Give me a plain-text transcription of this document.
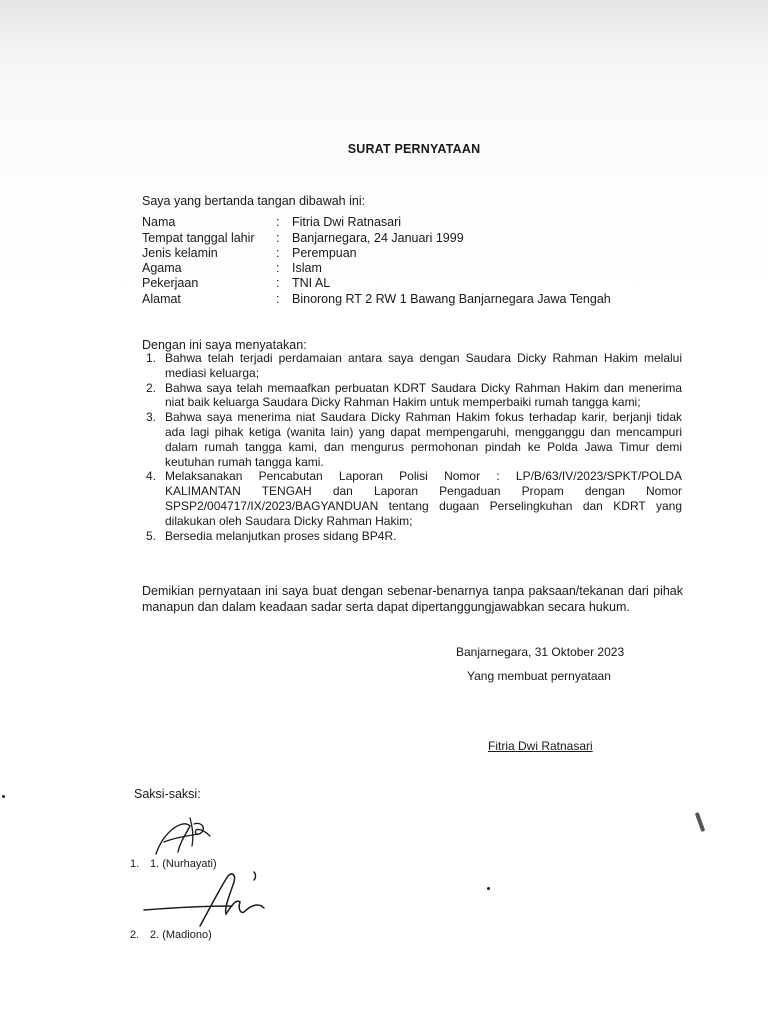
SURAT PERNYATAAN
Saya yang bertanda tangan dibawah ini:
Nama	: Fitria Dwi Ratnasari
Tempat tanggal lahir	: Banjarnegara, 24 Januari 1999
Jenis kelamin	: Perempuan
Agama	: Islam
Pekerjaan	: TNI AL
Alamat	: Binorong RT 2 RW 1 Bawang Banjarnegara Jawa Tengah
Dengan ini saya menyatakan:
1. Bahwa telah terjadi perdamaian antara saya dengan Saudara Dicky Rahman Hakim melalui mediasi keluarga;
2. Bahwa saya telah memaafkan perbuatan KDRT Saudara Dicky Rahman Hakim dan menerima niat baik keluarga Saudara Dicky Rahman Hakim untuk memperbaiki rumah tangga kami;
3. Bahwa saya menerima niat Saudara Dicky Rahman Hakim fokus terhadap karir, berjanji tidak ada lagi pihak ketiga (wanita lain) yang dapat mempengaruhi, mengganggu dan mencampuri dalam rumah tangga kami, dan mengurus permohonan pindah ke Polda Jawa Timur demi keutuhan rumah tangga kami.
4. Melaksanakan Pencabutan Laporan Polisi Nomor : LP/B/63/IV/2023/SPKT/POLDA KALIMANTAN TENGAH dan Laporan Pengaduan Propam dengan Nomor SPSP2/004717/IX/2023/BAGYANDUAN tentang dugaan Perselingkuhan dan KDRT yang dilakukan oleh Saudara Dicky Rahman Hakim;
5. Bersedia melanjutkan proses sidang BP4R.
Demikian pernyataan ini saya buat dengan sebenar-benarnya tanpa paksaan/tekanan dari pihak manapun dan dalam keadaan sadar serta dapat dipertanggungjawabkan secara hukum.
Banjarnegara, 31 Oktober 2023
Yang membuat pernyataan
Fitria Dwi Ratnasari
Saksi-saksi:
1. 1. (Nurhayati)
2. 2. (Madiono)
